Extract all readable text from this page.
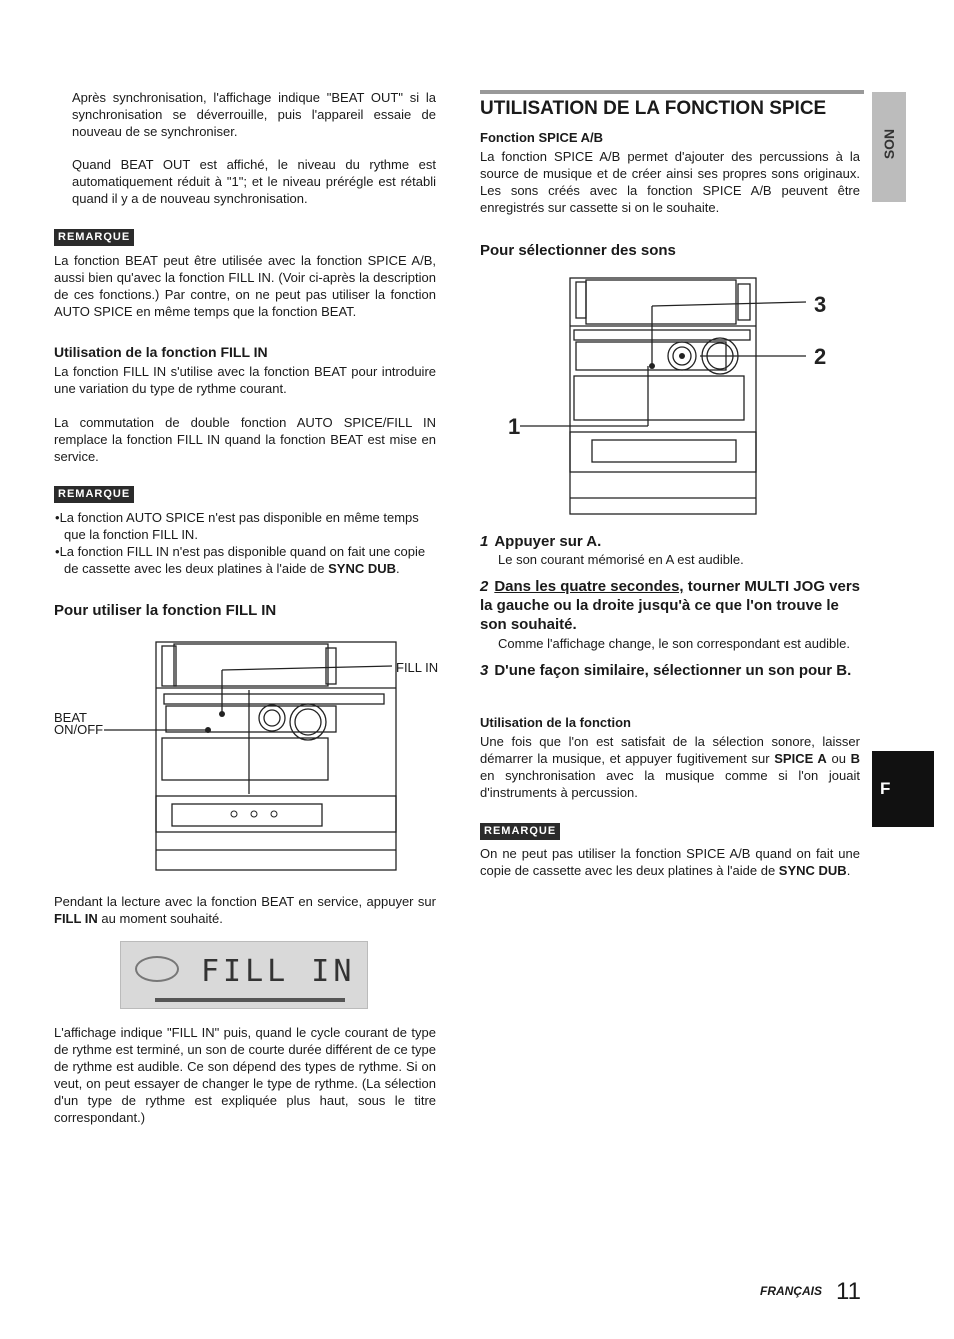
Après synchronisation, l'affichage indique "BEAT OUT" si la synchronisation se déverrouille, puis l'appareil essaie de nouveau de se synchroniser.

Quand BEAT OUT est affiché, le niveau du rythme est automatiquement réduit à "1"; et le niveau prérégle est rétabli quand il y a de nouveau synchronisation.

REMARQUE

La fonction BEAT peut être utilisée avec la fonction SPICE A/B, aussi bien qu'avec la fonction FILL IN. (Voir ci-après la description de ces fonctions.) Par contre, on ne peut pas utiliser la fonction AUTO SPICE en même temps que la fonction BEAT.

Utilisation de la fonction FILL IN

La fonction FILL IN s'utilise avec la fonction BEAT pour introduire une variation du type de rythme courant.

La commutation de double fonction AUTO SPICE/FILL IN remplace la fonction FILL IN quand la fonction BEAT est mise en service.

REMARQUE
• La fonction AUTO SPICE n'est pas disponible en même temps que la fonction FILL IN.
• La fonction FILL IN n'est pas disponible quand on fait une copie de cassette avec les deux platines à l'aide de SYNC DUB.
Pour utiliser la fonction FILL IN
FILL IN
BEAT
ON/OFF

Pendant la lecture avec la fonction BEAT en service, appuyer sur FILL IN au moment souhaité.

FILL IN

L'affichage indique "FILL IN" puis, quand le cycle courant de type de rythme est terminé, un son de courte durée différent de ce type de rythme est audible. Ce son dépend des types de rythme. Si on veut, on peut essayer de changer le type de rythme. (La sélection d'un type de rythme est expliquée plus haut, sous le titre correspondant.)

UTILISATION DE LA FONCTION SPICE
Fonction SPICE A/B

La fonction SPICE A/B permet d'ajouter des percussions à la source de musique et de créer ainsi ses propres sons originaux. Les sons créés avec la fonction SPICE A/B peuvent être enregistrés sur cassette si on le souhaite.

Pour sélectionner des sons
3
2
1

1 Appuyer sur A.

Le son courant mémorisé en A est audible.

2 Dans les quatre secondes, tourner MULTI JOG vers la gauche ou la droite jusqu'à ce que l'on trouve le son souhaité.

Comme l'affichage change, le son correspondant est audible.

3 D'une façon similaire, sélectionner un son pour B.

Utilisation de la fonction

Une fois que l'on est satisfait de la sélection sonore, laisser démarrer la musique, et appuyer fugitivement sur SPICE A ou B en synchronisation avec la musique comme si l'on jouait d'instruments à percussion.

REMARQUE

On ne peut pas utiliser la fonction SPICE A/B quand on fait une copie de cassette avec les deux platines à l'aide de SYNC DUB.

SON
F
FRANÇAIS 11
